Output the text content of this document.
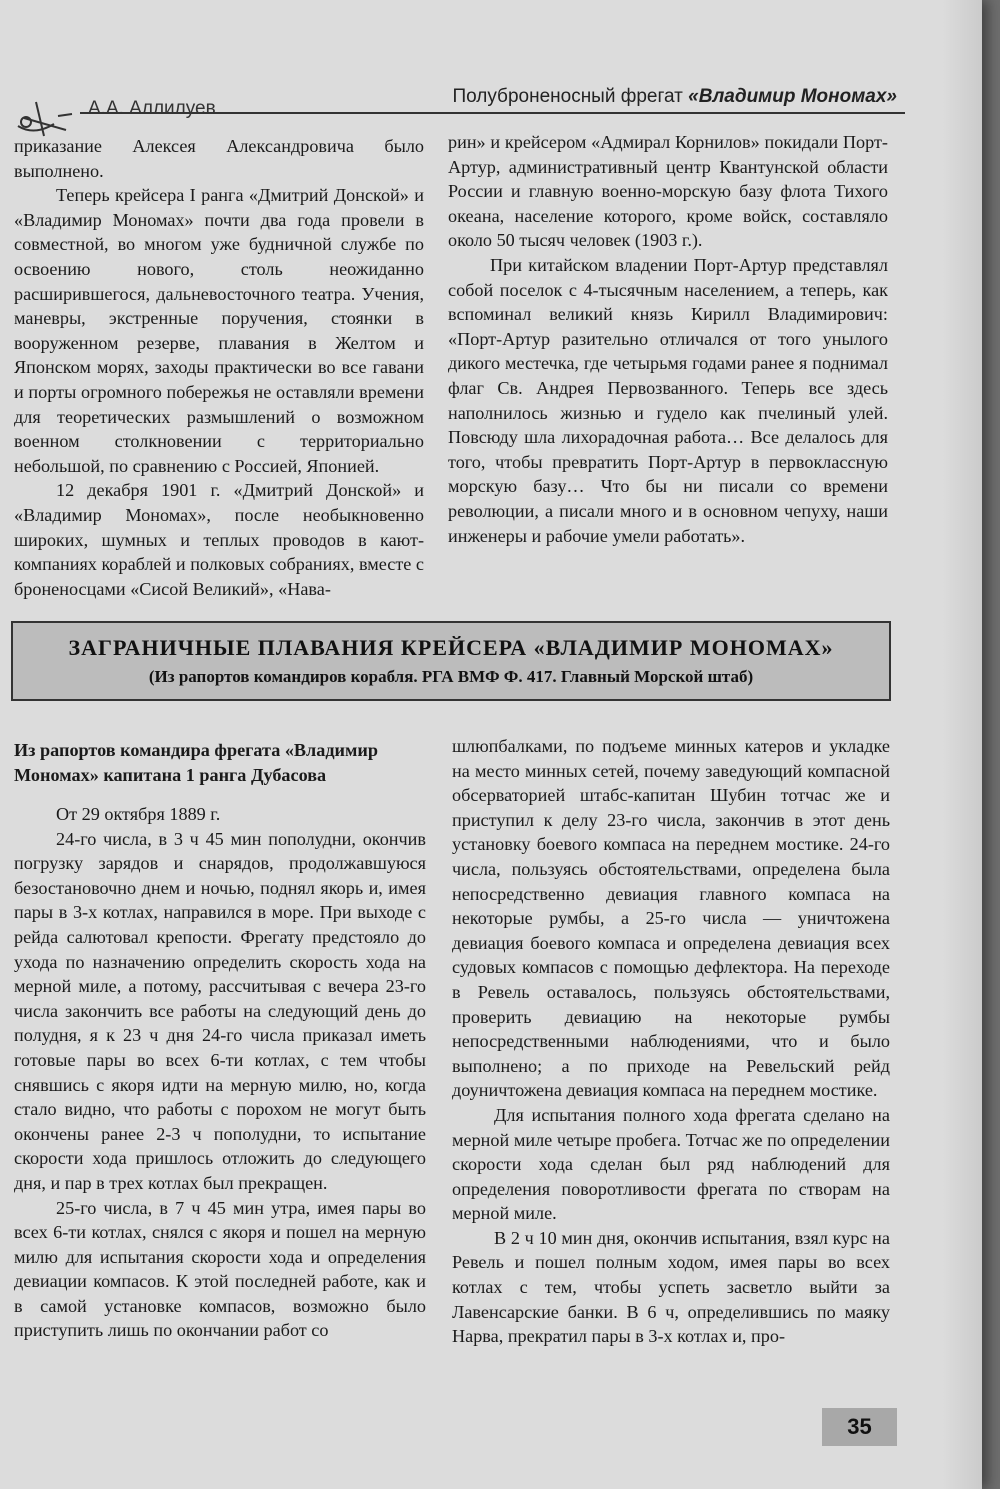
А.А. Аллилуев
Полуброненосный фрегат «Владимир Мономах»

приказание Алексея Александровича было выполнено.

Теперь крейсера I ранга «Дмитрий Донской» и «Владимир Мономах» почти два года провели в совместной, во многом уже будничной службе по освоению нового, столь неожиданно расширившегося, дальневосточного театра. Учения, маневры, экстренные поручения, стоянки в вооруженном резерве, плавания в Желтом и Японском морях, заходы практически во все гавани и порты огромного побережья не оставляли времени для теоретических размышлений о возможном военном столкновении с территориально небольшой, по сравнению с Россией, Японией.

12 декабря 1901 г. «Дмитрий Донской» и «Владимир Мономах», после необыкновенно широких, шумных и теплых проводов в кают-компаниях кораблей и полковых собраниях, вместе с броненосцами «Сисой Великий», «Нава-

рин» и крейсером «Адмирал Корнилов» покидали Порт-Артур, административный центр Квантунской области России и главную военно-морскую базу флота Тихого океана, население которого, кроме войск, составляло около 50 тысяч человек (1903 г.).

При китайском владении Порт-Артур представлял собой поселок с 4-тысячным населением, а теперь, как вспоминал великий князь Кирилл Владимирович: «Порт-Артур разительно отличался от того унылого дикого местечка, где четырьмя годами ранее я поднимал флаг Св. Андрея Первозванного. Теперь все здесь наполнилось жизнью и гудело как пчелиный улей. Повсюду шла лихорадочная работа… Все делалось для того, чтобы превратить Порт-Артур в первоклассную морскую базу… Что бы ни писали со времени революции, а писали много и в основном чепуху, наши инженеры и рабочие умели работать».

ЗАГРАНИЧНЫЕ ПЛАВАНИЯ КРЕЙСЕРА «ВЛАДИМИР МОНОМАХ»
(Из рапортов командиров корабля. РГА ВМФ Ф. 417. Главный Морской штаб)

Из рапортов командира фрегата «Владимир Мономах» капитана 1 ранга Дубасова

От 29 октября 1889 г.

24-го числа, в 3 ч 45 мин пополудни, окончив погрузку зарядов и снарядов, продолжавшуюся безостановочно днем и ночью, поднял якорь и, имея пары в 3-х котлах, направился в море. При выходе с рейда салютовал крепости. Фрегату предстояло до ухода по назначению определить скорость хода на мерной миле, а потому, рассчитывая с вечера 23-го числа закончить все работы на следующий день до полудня, я к 23 ч дня 24-го числа приказал иметь готовые пары во всех 6-ти котлах, с тем чтобы снявшись с якоря идти на мерную милю, но, когда стало видно, что работы с порохом не могут быть окончены ранее 2-3 ч пополудни, то испытание скорости хода пришлось отложить до следующего дня, и пар в трех котлах был прекращен.

25-го числа, в 7 ч 45 мин утра, имея пары во всех 6-ти котлах, снялся с якоря и пошел на мерную милю для испытания скорости хода и определения девиации компасов. К этой последней работе, как и в самой установке компасов, возможно было приступить лишь по окончании работ со

шлюпбалками, по подъеме минных катеров и укладке на место минных сетей, почему заведующий компасной обсерваторией штабс-капитан Шубин тотчас же и приступил к делу 23-го числа, закончив в этот день установку боевого компаса на переднем мостике. 24-го числа, пользуясь обстоятельствами, определена была непосредственно девиация главного компаса на некоторые румбы, а 25-го числа — уничтожена девиация боевого компаса и определена девиация всех судовых компасов с помощью дефлектора. На переходе в Ревель оставалось, пользуясь обстоятельствами, проверить девиацию на некоторые румбы непосредственными наблюдениями, что и было выполнено; а по приходе на Ревельский рейд доуничтожена девиация компаса на переднем мостике.

Для испытания полного хода фрегата сделано на мерной миле четыре пробега. Тотчас же по определении скорости хода сделан был ряд наблюдений для определения поворотливости фрегата по створам на мерной миле.

В 2 ч 10 мин дня, окончив испытания, взял курс на Ревель и пошел полным ходом, имея пары во всех котлах с тем, чтобы успеть засветло выйти за Лавенсарские банки. В 6 ч, определившись по маяку Нарва, прекратил пары в 3-х котлах и, про-

35
